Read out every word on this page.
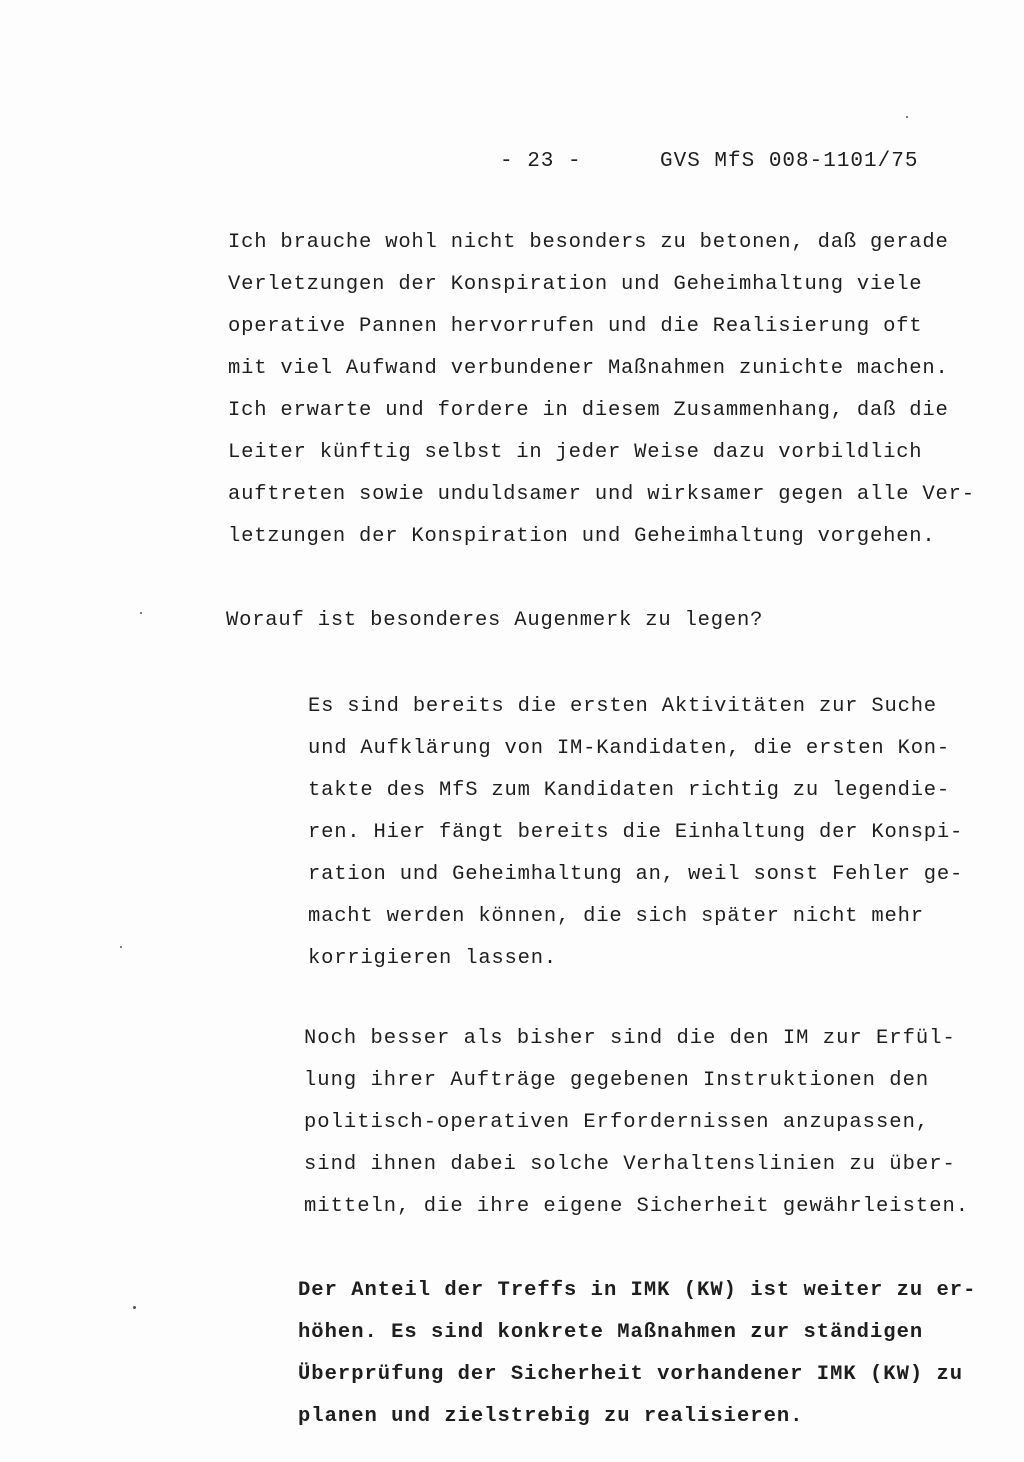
- 23 -	GVS MfS 008-1101/75
Ich brauche wohl nicht besonders zu betonen, daß gerade
Verletzungen der Konspiration und Geheimhaltung viele
operative Pannen hervorrufen und die Realisierung oft
mit viel Aufwand verbundener Maßnahmen zunichte machen.
Ich erwarte und fordere in diesem Zusammenhang, daß die
Leiter künftig selbst in jeder Weise dazu vorbildlich
auftreten sowie unduldsamer und wirksamer gegen alle Ver-
letzungen der Konspiration und Geheimhaltung vorgehen.
Worauf ist besonderes Augenmerk zu legen?
Es sind bereits die ersten Aktivitäten zur Suche
und Aufklärung von IM-Kandidaten, die ersten Kon-
takte des MfS zum Kandidaten richtig zu legendie-
ren. Hier fängt bereits die Einhaltung der Konspi-
ration und Geheimhaltung an, weil sonst Fehler ge-
macht werden können, die sich später nicht mehr
korrigieren lassen.
Noch besser als bisher sind die den IM zur Erfül-
lung ihrer Aufträge gegebenen Instruktionen den
politisch-operativen Erfordernissen anzupassen,
sind ihnen dabei solche Verhaltenslinien zu über-
mitteln, die ihre eigene Sicherheit gewährleisten.
Der Anteil der Treffs in IMK (KW) ist weiter zu er-
höhen. Es sind konkrete Maßnahmen zur ständigen
Überprüfung der Sicherheit vorhandener IMK (KW) zu
planen und zielstrebig zu realisieren.
